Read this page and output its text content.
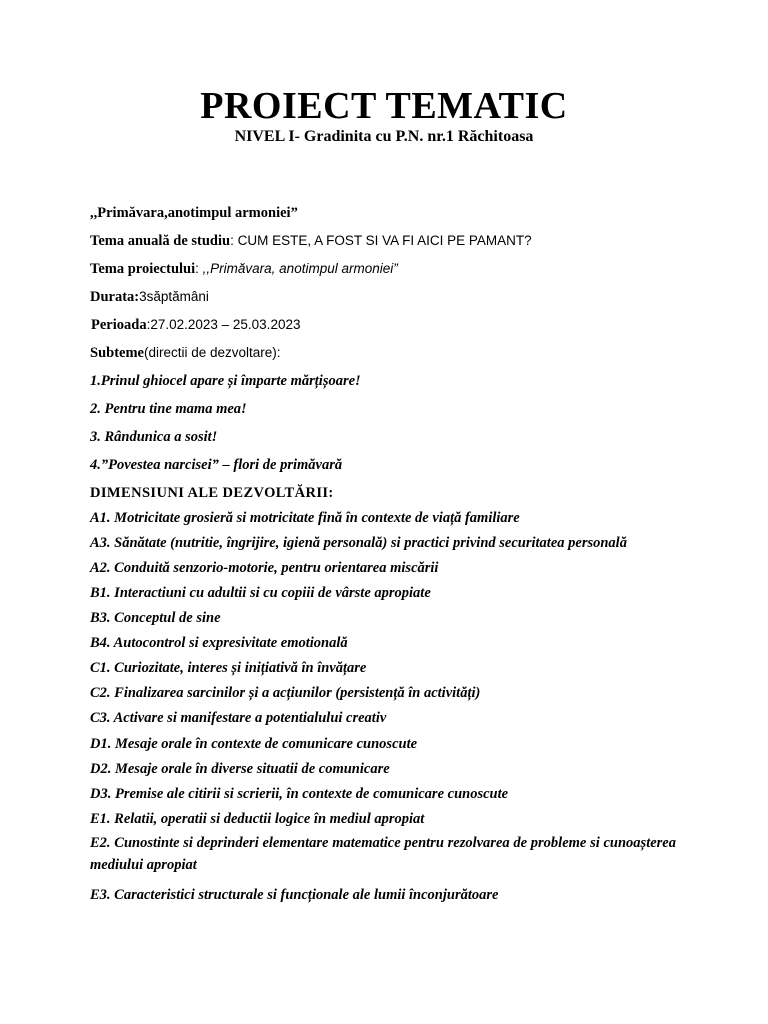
PROIECT TEMATIC

NIVEL I- Gradinita cu P.N. nr.1 Răchitoasa

,,Primăvara,anotimpul armoniei”

Tema anuală de studiu: CUM ESTE, A FOST SI VA FI AICI PE PAMANT?

Tema proiectului: ,,Primăvara, anotimpul armoniei”

Durata:3săptămâni

Perioada:27.02.2023 – 25.03.2023

Subteme(directii de dezvoltare):

1.Prinul ghiocel apare și împarte mărțișoare!

2. Pentru tine mama mea!

3. Rândunica a sosit!

4.”Povestea narcisei” – flori de primăvară

DIMENSIUNI ALE DEZVOLTĂRII:

A1. Motricitate grosieră si motricitate fină în contexte de viață familiare

A3. Sănătate (nutritie, îngrijire, igienă personală) si practici privind securitatea personală

A2. Conduită senzorio-motorie, pentru orientarea miscării

B1. Interactiuni cu adultii si cu copiii de vârste apropiate

B3. Conceptul de sine

B4. Autocontrol si expresivitate emotională

C1. Curiozitate, interes și inițiativă în învățare

C2. Finalizarea sarcinilor și a acțiunilor (persistență în activități)

C3. Activare si manifestare a potentialului creativ

D1. Mesaje orale în contexte de comunicare cunoscute

D2. Mesaje orale în diverse situatii de comunicare

D3. Premise ale citirii si scrierii, în contexte de comunicare cunoscute

E1. Relatii, operatii si deductii logice în mediul apropiat

E2. Cunostinte si deprinderi elementare matematice pentru rezolvarea de probleme si cunoașterea mediului apropiat

E3. Caracteristici structurale si funcționale ale lumii înconjurătoare
